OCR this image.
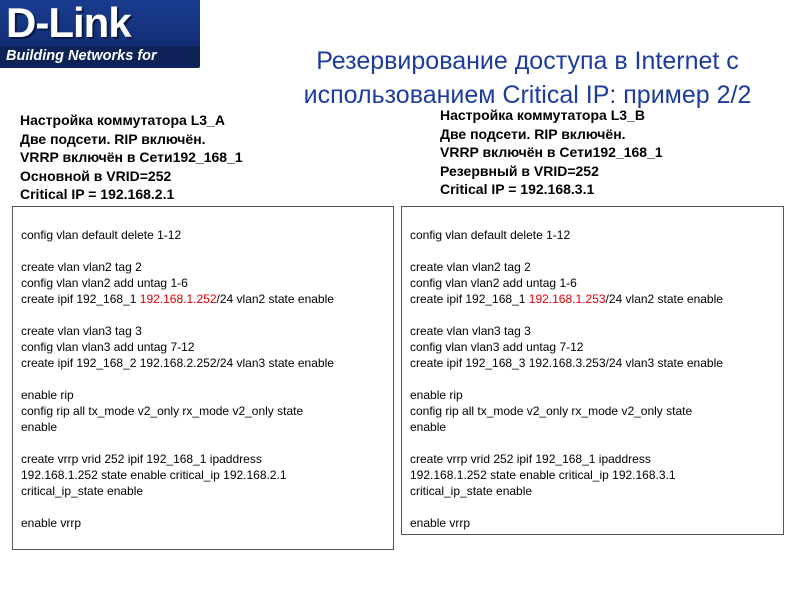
D-Link
Building Networks for People
Резервирование доступа в Internet с
использованием Critical IP: пример 2/2
Настройка коммутатора L3_A
Две подсети. RIP включён.
VRRP включён в Сети192_168_1
Основной в VRID=252
Critical IP = 192.168.2.1
Настройка коммутатора L3_B
Две подсети. RIP включён.
VRRP включён в Сети192_168_1
Резервный в VRID=252
Critical IP = 192.168.3.1
config vlan default delete 1-12
create vlan vlan2 tag 2
config vlan vlan2 add untag 1-6
create ipif 192_168_1 192.168.1.252/24 vlan2 state enable
create vlan vlan3 tag 3
config vlan vlan3 add untag 7-12
create ipif 192_168_2 192.168.2.252/24 vlan3 state enable
enable rip
config rip all tx_mode v2_only rx_mode v2_only state
enable
create vrrp vrid 252 ipif 192_168_1 ipaddress
192.168.1.252 state enable critical_ip 192.168.2.1
critical_ip_state enable
enable vrrp
config vlan default delete 1-12
create vlan vlan2 tag 2
config vlan vlan2 add untag 1-6
create ipif 192_168_1 192.168.1.253/24 vlan2 state enable
create vlan vlan3 tag 3
config vlan vlan3 add untag 7-12
create ipif 192_168_3 192.168.3.253/24 vlan3 state enable
enable rip
config rip all tx_mode v2_only rx_mode v2_only state
enable
create vrrp vrid 252 ipif 192_168_1 ipaddress
192.168.1.252 state enable critical_ip 192.168.3.1
critical_ip_state enable
enable vrrp
